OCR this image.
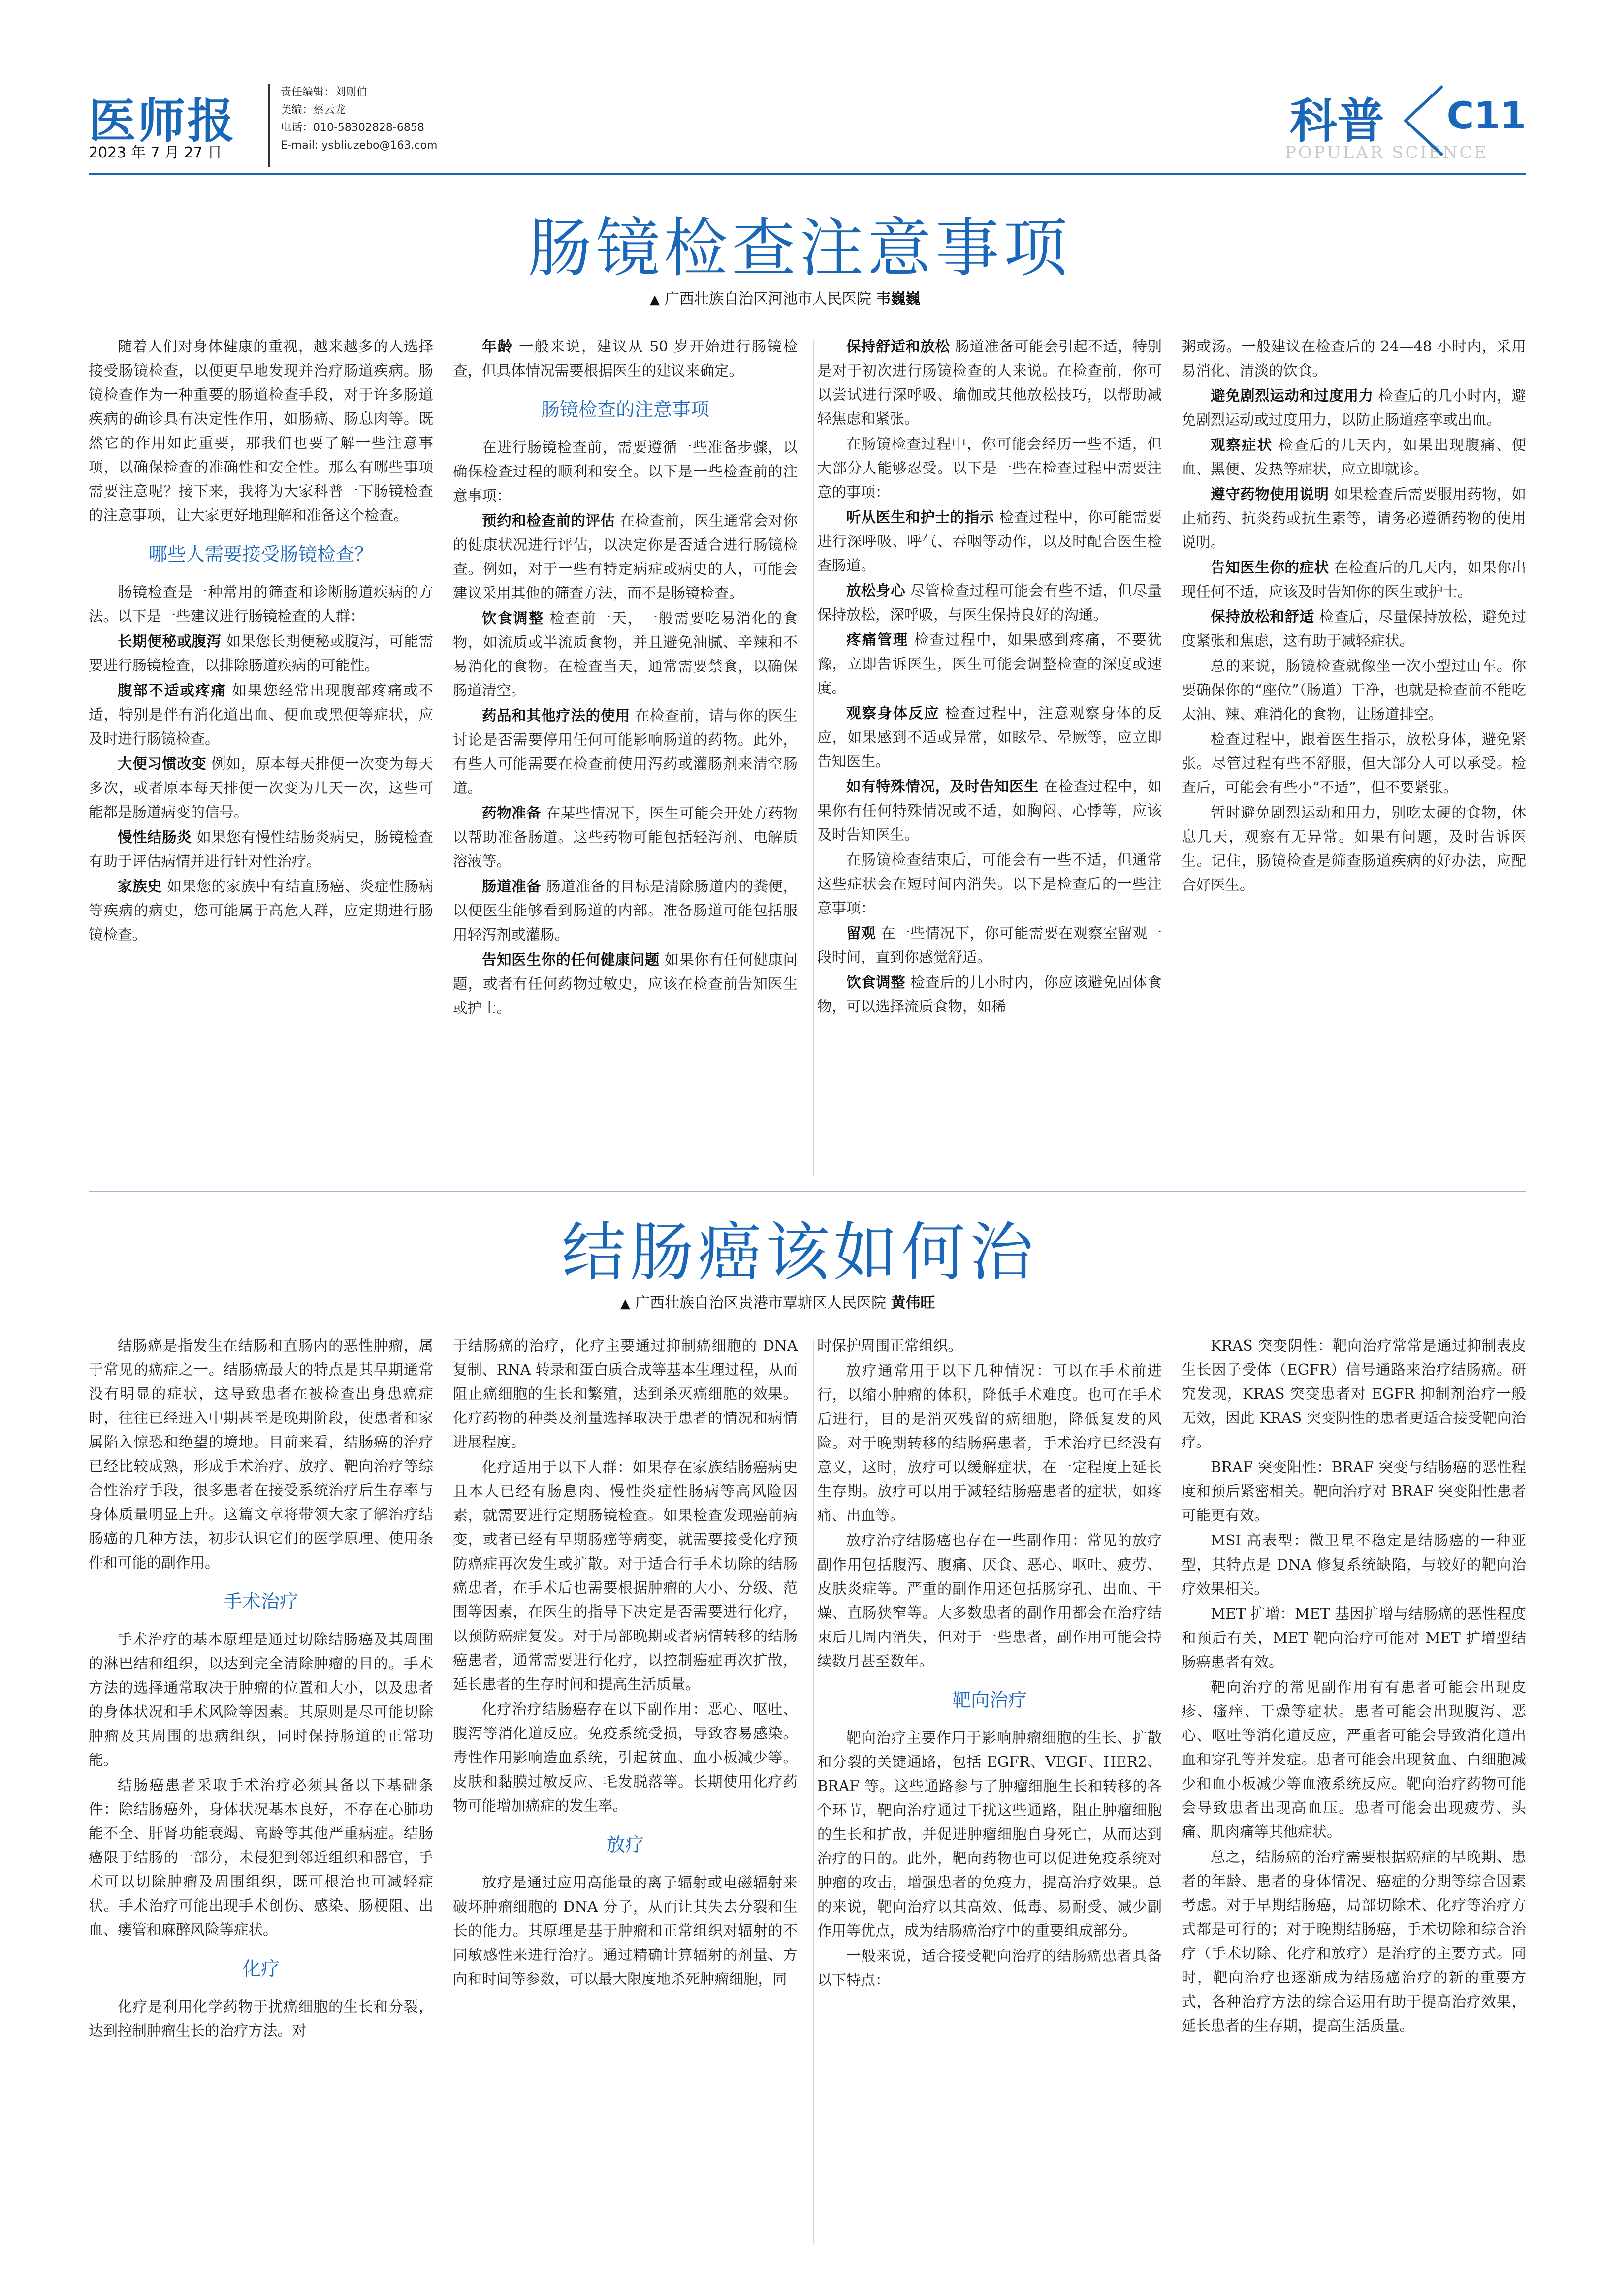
医师报
2023 年 7 月 27 日
责任编辑：刘则伯
美编：蔡云龙
电话：010-58302828-6858
E-mail: ysbliuzebo@163.com	科普
POPULAR SCIENCE
C11
肠镜检查注意事项
▲ 广西壮族自治区河池市人民医院 韦巍巍

随着人们对身体健康的重视，越来越多的人选择接受肠镜检查，以便更早地发现并治疗肠道疾病。肠镜检查作为一种重要的肠道检查手段，对于许多肠道疾病的确诊具有决定性作用，如肠癌、肠息肉等。既然它的作用如此重要，那我们也要了解一些注意事项，以确保检查的准确性和安全性。那么有哪些事项需要注意呢？接下来，我将为大家科普一下肠镜检查的注意事项，让大家更好地理解和准备这个检查。

哪些人需要接受肠镜检查？

肠镜检查是一种常用的筛查和诊断肠道疾病的方法。以下是一些建议进行肠镜检查的人群：

长期便秘或腹泻 如果您长期便秘或腹泻，可能需要进行肠镜检查，以排除肠道疾病的可能性。

腹部不适或疼痛 如果您经常出现腹部疼痛或不适，特别是伴有消化道出血、便血或黑便等症状，应及时进行肠镜检查。

大便习惯改变 例如，原本每天排便一次变为每天多次，或者原本每天排便一次变为几天一次，这些可能都是肠道病变的信号。

慢性结肠炎 如果您有慢性结肠炎病史，肠镜检查有助于评估病情并进行针对性治疗。

家族史 如果您的家族中有结直肠癌、炎症性肠病等疾病的病史，您可能属于高危人群，应定期进行肠镜检查。

年龄 一般来说，建议从 50 岁开始进行肠镜检查，但具体情况需要根据医生的建议来确定。

肠镜检查的注意事项

在进行肠镜检查前，需要遵循一些准备步骤，以确保检查过程的顺利和安全。以下是一些检查前的注意事项：

预约和检查前的评估 在检查前，医生通常会对你的健康状况进行评估，以决定你是否适合进行肠镜检查。例如，对于一些有特定病症或病史的人，可能会建议采用其他的筛查方法，而不是肠镜检查。

饮食调整 检查前一天，一般需要吃易消化的食物，如流质或半流质食物，并且避免油腻、辛辣和不易消化的食物。在检查当天，通常需要禁食，以确保肠道清空。

药品和其他疗法的使用 在检查前，请与你的医生讨论是否需要停用任何可能影响肠道的药物。此外，有些人可能需要在检查前使用泻药或灌肠剂来清空肠道。

药物准备 在某些情况下，医生可能会开处方药物以帮助准备肠道。这些药物可能包括轻泻剂、电解质溶液等。

肠道准备 肠道准备的目标是清除肠道内的粪便，以便医生能够看到肠道的内部。准备肠道可能包括服用轻泻剂或灌肠。

告知医生你的任何健康问题 如果你有任何健康问题，或者有任何药物过敏史，应该在检查前告知医生或护士。

保持舒适和放松 肠道准备可能会引起不适，特别是对于初次进行肠镜检查的人来说。在检查前，你可以尝试进行深呼吸、瑜伽或其他放松技巧，以帮助减轻焦虑和紧张。

在肠镜检查过程中，你可能会经历一些不适，但大部分人能够忍受。以下是一些在检查过程中需要注意的事项：

听从医生和护士的指示 检查过程中，你可能需要进行深呼吸、呼气、吞咽等动作，以及时配合医生检查肠道。

放松身心 尽管检查过程可能会有些不适，但尽量保持放松，深呼吸，与医生保持良好的沟通。

疼痛管理 检查过程中，如果感到疼痛，不要犹豫，立即告诉医生，医生可能会调整检查的深度或速度。

观察身体反应 检查过程中，注意观察身体的反应，如果感到不适或异常，如眩晕、晕厥等，应立即告知医生。

如有特殊情况，及时告知医生 在检查过程中，如果你有任何特殊情况或不适，如胸闷、心悸等，应该及时告知医生。

在肠镜检查结束后，可能会有一些不适，但通常这些症状会在短时间内消失。以下是检查后的一些注意事项：

留观 在一些情况下，你可能需要在观察室留观一段时间，直到你感觉舒适。

饮食调整 检查后的几小时内，你应该避免固体食物，可以选择流质食物，如稀

粥或汤。一般建议在检查后的 24—48 小时内，采用易消化、清淡的饮食。

避免剧烈运动和过度用力 检查后的几小时内，避免剧烈运动或过度用力，以防止肠道痉挛或出血。

观察症状 检查后的几天内，如果出现腹痛、便血、黑便、发热等症状，应立即就诊。

遵守药物使用说明 如果检查后需要服用药物，如止痛药、抗炎药或抗生素等，请务必遵循药物的使用说明。

告知医生你的症状 在检查后的几天内，如果你出现任何不适，应该及时告知你的医生或护士。

保持放松和舒适 检查后，尽量保持放松，避免过度紧张和焦虑，这有助于减轻症状。

总的来说，肠镜检查就像坐一次小型过山车。你要确保你的“座位”（肠道）干净，也就是检查前不能吃太油、辣、难消化的食物，让肠道排空。

检查过程中，跟着医生指示，放松身体，避免紧张。尽管过程有些不舒服，但大部分人可以承受。检查后，可能会有些小“不适”，但不要紧张。

暂时避免剧烈运动和用力，别吃太硬的食物，休息几天，观察有无异常。如果有问题，及时告诉医生。记住，肠镜检查是筛查肠道疾病的好办法，应配合好医生。

结肠癌该如何治
▲ 广西壮族自治区贵港市覃塘区人民医院 黄伟旺

结肠癌是指发生在结肠和直肠内的恶性肿瘤，属于常见的癌症之一。结肠癌最大的特点是其早期通常没有明显的症状，这导致患者在被检查出身患癌症时，往往已经进入中期甚至是晚期阶段，使患者和家属陷入惊恐和绝望的境地。目前来看，结肠癌的治疗已经比较成熟，形成手术治疗、放疗、靶向治疗等综合性治疗手段，很多患者在接受系统治疗后生存率与身体质量明显上升。这篇文章将带领大家了解治疗结肠癌的几种方法，初步认识它们的医学原理、使用条件和可能的副作用。

手术治疗

手术治疗的基本原理是通过切除结肠癌及其周围的淋巴结和组织，以达到完全清除肿瘤的目的。手术方法的选择通常取决于肿瘤的位置和大小，以及患者的身体状况和手术风险等因素。其原则是尽可能切除肿瘤及其周围的患病组织，同时保持肠道的正常功能。

结肠癌患者采取手术治疗必须具备以下基础条件：除结肠癌外，身体状况基本良好，不存在心肺功能不全、肝肾功能衰竭、高龄等其他严重病症。结肠癌限于结肠的一部分，未侵犯到邻近组织和器官，手术可以切除肿瘤及周围组织，既可根治也可减轻症状。手术治疗可能出现手术创伤、感染、肠梗阻、出血、瘘管和麻醉风险等症状。

化疗

化疗是利用化学药物于扰癌细胞的生长和分裂，达到控制肿瘤生长的治疗方法。对

于结肠癌的治疗，化疗主要通过抑制癌细胞的 DNA 复制、RNA 转录和蛋白质合成等基本生理过程，从而阻止癌细胞的生长和繁殖，达到杀灭癌细胞的效果。化疗药物的种类及剂量选择取决于患者的情况和病情进展程度。

化疗适用于以下人群：如果存在家族结肠癌病史且本人已经有肠息肉、慢性炎症性肠病等高风险因素，就需要进行定期肠镜检查。如果检查发现癌前病变，或者已经有早期肠癌等病变，就需要接受化疗预防癌症再次发生或扩散。对于适合行手术切除的结肠癌患者，在手术后也需要根据肿瘤的大小、分级、范围等因素，在医生的指导下决定是否需要进行化疗，以预防癌症复发。对于局部晚期或者病情转移的结肠癌患者，通常需要进行化疗，以控制癌症再次扩散，延长患者的生存时间和提高生活质量。

化疗治疗结肠癌存在以下副作用：恶心、呕吐、腹泻等消化道反应。免疫系统受损，导致容易感染。毒性作用影响造血系统，引起贫血、血小板减少等。皮肤和黏膜过敏反应、毛发脱落等。长期使用化疗药物可能增加癌症的发生率。

放疗

放疗是通过应用高能量的离子辐射或电磁辐射来破坏肿瘤细胞的 DNA 分子，从而让其失去分裂和生长的能力。其原理是基于肿瘤和正常组织对辐射的不同敏感性来进行治疗。通过精确计算辐射的剂量、方向和时间等参数，可以最大限度地杀死肿瘤细胞，同

时保护周围正常组织。

放疗通常用于以下几种情况：可以在手术前进行，以缩小肿瘤的体积，降低手术难度。也可在手术后进行，目的是消灭残留的癌细胞，降低复发的风险。对于晚期转移的结肠癌患者，手术治疗已经没有意义，这时，放疗可以缓解症状，在一定程度上延长生存期。放疗可以用于减轻结肠癌患者的症状，如疼痛、出血等。

放疗治疗结肠癌也存在一些副作用：常见的放疗副作用包括腹泻、腹痛、厌食、恶心、呕吐、疲劳、皮肤炎症等。严重的副作用还包括肠穿孔、出血、干燥、直肠狭窄等。大多数患者的副作用都会在治疗结束后几周内消失，但对于一些患者，副作用可能会持续数月甚至数年。

靶向治疗

靶向治疗主要作用于影响肿瘤细胞的生长、扩散和分裂的关键通路，包括 EGFR、VEGF、HER2、BRAF 等。这些通路参与了肿瘤细胞生长和转移的各个环节，靶向治疗通过干扰这些通路，阻止肿瘤细胞的生长和扩散，并促进肿瘤细胞自身死亡，从而达到治疗的目的。此外，靶向药物也可以促进免疫系统对肿瘤的攻击，增强患者的免疫力，提高治疗效果。总的来说，靶向治疗以其高效、低毒、易耐受、减少副作用等优点，成为结肠癌治疗中的重要组成部分。

一般来说，适合接受靶向治疗的结肠癌患者具备以下特点：

KRAS 突变阴性：靶向治疗常常是通过抑制表皮生长因子受体（EGFR）信号通路来治疗结肠癌。研究发现，KRAS 突变患者对 EGFR 抑制剂治疗一般无效，因此 KRAS 突变阴性的患者更适合接受靶向治疗。

BRAF 突变阳性：BRAF 突变与结肠癌的恶性程度和预后紧密相关。靶向治疗对 BRAF 突变阳性患者可能更有效。

MSI 高表型：微卫星不稳定是结肠癌的一种亚型，其特点是 DNA 修复系统缺陷，与较好的靶向治疗效果相关。

MET 扩增：MET 基因扩增与结肠癌的恶性程度和预后有关，MET 靶向治疗可能对 MET 扩增型结肠癌患者有效。

靶向治疗的常见副作用有有患者可能会出现皮疹、瘙痒、干燥等症状。患者可能会出现腹泻、恶心、呕吐等消化道反应，严重者可能会导致消化道出血和穿孔等并发症。患者可能会出现贫血、白细胞减少和血小板减少等血液系统反应。靶向治疗药物可能会导致患者出现高血压。患者可能会出现疲劳、头痛、肌肉痛等其他症状。

总之，结肠癌的治疗需要根据癌症的早晚期、患者的年龄、患者的身体情况、癌症的分期等综合因素考虑。对于早期结肠癌，局部切除术、化疗等治疗方式都是可行的；对于晚期结肠癌，手术切除和综合治疗（手术切除、化疗和放疗）是治疗的主要方式。同时，靶向治疗也逐渐成为结肠癌治疗的新的重要方式，各种治疗方法的综合运用有助于提高治疗效果，延长患者的生存期，提高生活质量。
